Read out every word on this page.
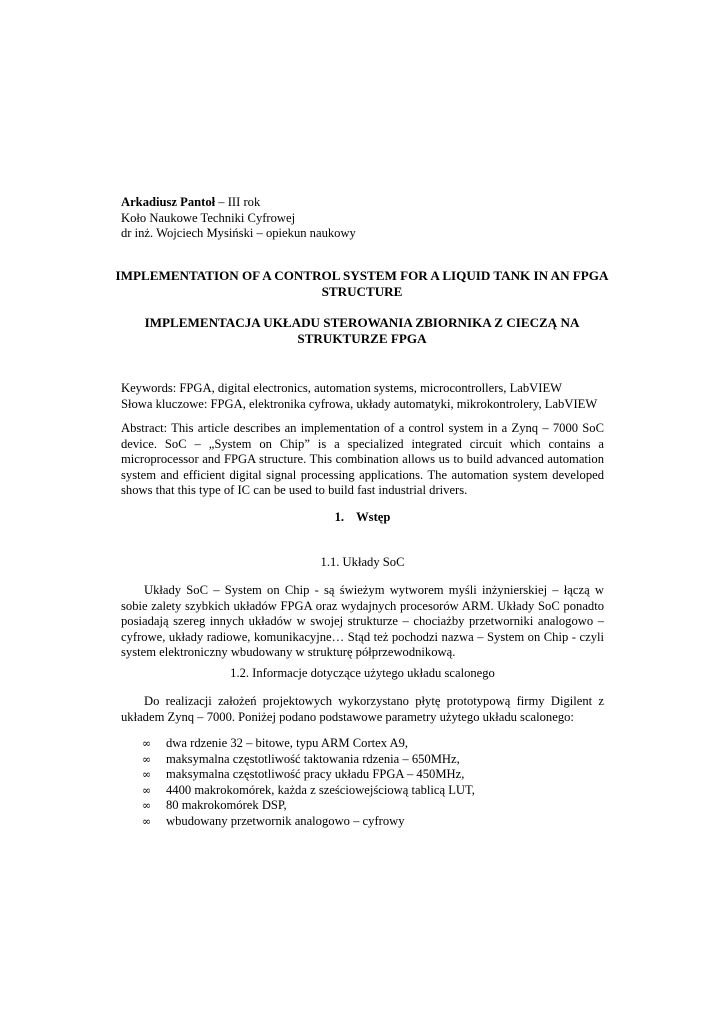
Arkadiusz Pantoł – III rok
Koło Naukowe Techniki Cyfrowej
dr inż. Wojciech Mysiński – opiekun naukowy
IMPLEMENTATION OF A CONTROL SYSTEM FOR A LIQUID TANK IN AN FPGA STRUCTURE
IMPLEMENTACJA UKŁADU STEROWANIA ZBIORNIKA Z CIECZĄ NA STRUKTURZE FPGA
Keywords: FPGA, digital electronics, automation systems, microcontrollers, LabVIEW
Słowa kluczowe: FPGA, elektronika cyfrowa, układy automatyki, mikrokontrolery, LabVIEW
Abstract: This article describes an implementation of a control system in a Zynq – 7000 SoC device. SoC – „System on Chip” is a specialized integrated circuit which contains a microprocessor and FPGA structure. This combination allows us to build advanced automation system and efficient digital signal processing applications. The automation system developed shows that this type of IC can be used to build fast industrial drivers.
1. Wstęp
1.1. Układy SoC
Układy SoC – System on Chip - są świeżym wytworem myśli inżynierskiej – łączą w sobie zalety szybkich układów FPGA oraz wydajnych procesorów ARM. Układy SoC ponadto posiadają szereg innych układów w swojej strukturze – chociażby przetworniki analogowo – cyfrowe, układy radiowe, komunikacyjne… Stąd też pochodzi nazwa – System on Chip - czyli system elektroniczny wbudowany w strukturę półprzewodnikową.
1.2. Informacje dotyczące użytego układu scalonego
Do realizacji założeń projektowych wykorzystano płytę prototypową firmy Digilent z układem Zynq – 7000. Poniżej podano podstawowe parametry użytego układu scalonego:
∞ dwa rdzenie 32 – bitowe, typu ARM Cortex A9,
∞ maksymalna częstotliwość taktowania rdzenia – 650MHz,
∞ maksymalna częstotliwość pracy układu FPGA – 450MHz,
∞ 4400 makrokomórek, każda z sześciowejściową tablicą LUT,
∞ 80 makrokomórek DSP,
∞ wbudowany przetwornik analogowo – cyfrowy
